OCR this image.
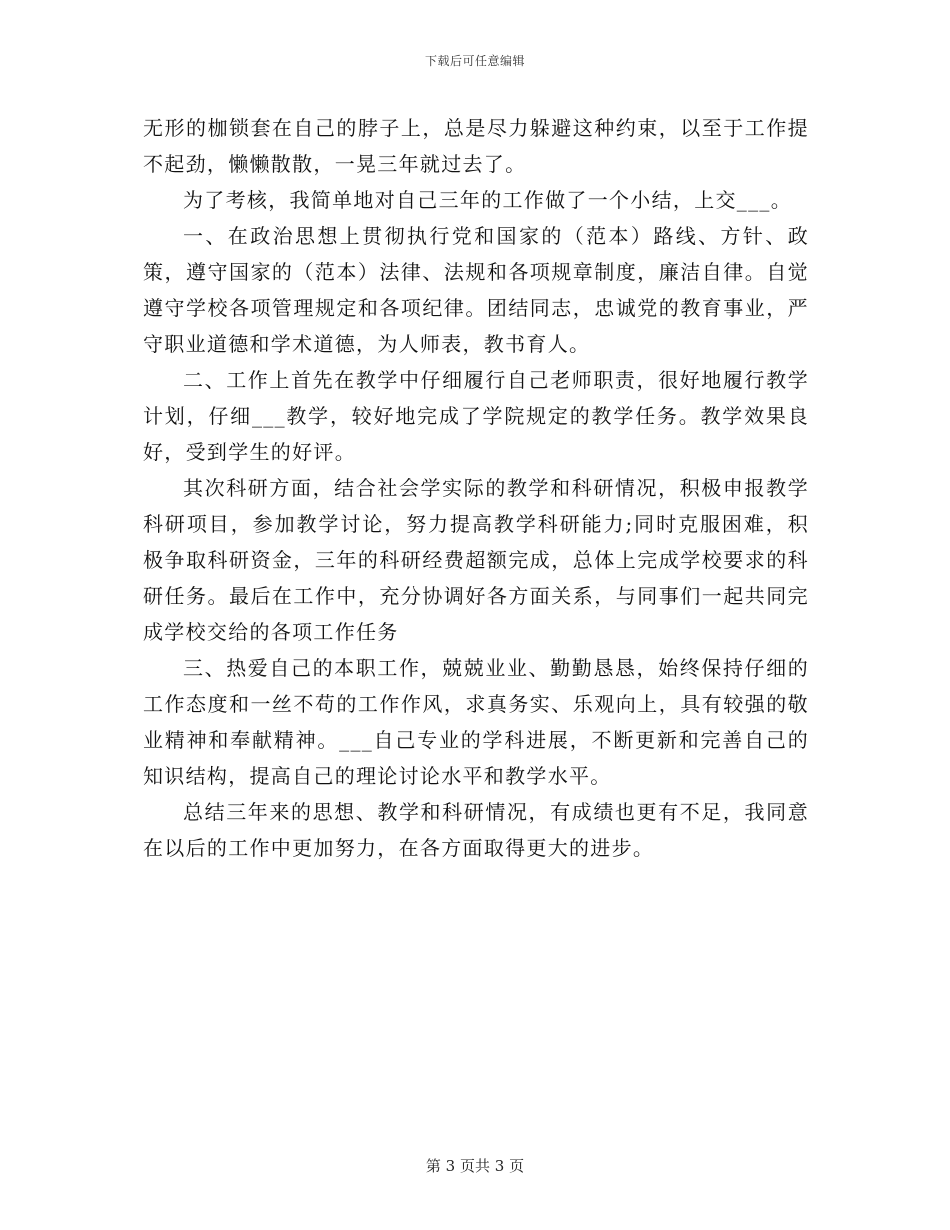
下载后可任意编辑

无形的枷锁套在自己的脖子上，总是尽力躲避这种约束，以至于工作提不起劲，懒懒散散，一晃三年就过去了。

为了考核，我简单地对自己三年的工作做了一个小结，上交___。

一、在政治思想上贯彻执行党和国家的（范本）路线、方针、政策，遵守国家的（范本）法律、法规和各项规章制度，廉洁自律。自觉遵守学校各项管理规定和各项纪律。团结同志，忠诚党的教育事业，严守职业道德和学术道德，为人师表，教书育人。

二、工作上首先在教学中仔细履行自己老师职责，很好地履行教学计划，仔细___教学，较好地完成了学院规定的教学任务。教学效果良好，受到学生的好评。

其次科研方面，结合社会学实际的教学和科研情况，积极申报教学科研项目，参加教学讨论，努力提高教学科研能力;同时克服困难，积极争取科研资金，三年的科研经费超额完成，总体上完成学校要求的科研任务。最后在工作中，充分协调好各方面关系，与同事们一起共同完成学校交给的各项工作任务

三、热爱自己的本职工作，兢兢业业、勤勤恳恳，始终保持仔细的工作态度和一丝不苟的工作作风，求真务实、乐观向上，具有较强的敬业精神和奉献精神。___自己专业的学科进展，不断更新和完善自己的知识结构，提高自己的理论讨论水平和教学水平。

总结三年来的思想、教学和科研情况，有成绩也更有不足，我同意在以后的工作中更加努力，在各方面取得更大的进步。

第 3 页共 3 页
